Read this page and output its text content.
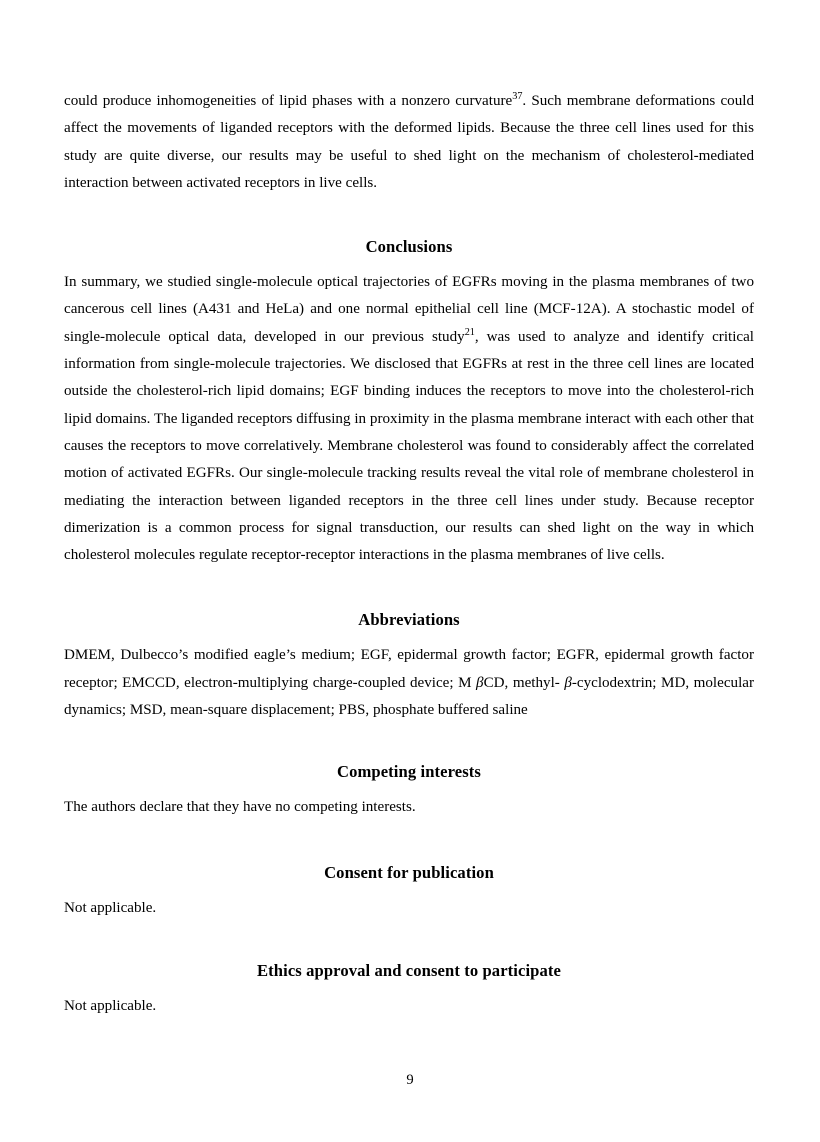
could produce inhomogeneities of lipid phases with a nonzero curvature$^{37}$. Such membrane deformations could affect the movements of liganded receptors with the deformed lipids. Because the three cell lines used for this study are quite diverse, our results may be useful to shed light on the mechanism of cholesterol-mediated interaction between activated receptors in live cells.

Conclusions

In summary, we studied single-molecule optical trajectories of EGFRs moving in the plasma membranes of two cancerous cell lines (A431 and HeLa) and one normal epithelial cell line (MCF-12A). A stochastic model of single-molecule optical data, developed in our previous study$^{21}$, was used to analyze and identify critical information from single-molecule trajectories. We disclosed that EGFRs at rest in the three cell lines are located outside the cholesterol-rich lipid domains; EGF binding induces the receptors to move into the cholesterol-rich lipid domains. The liganded receptors diffusing in proximity in the plasma membrane interact with each other that causes the receptors to move correlatively. Membrane cholesterol was found to considerably affect the correlated motion of activated EGFRs. Our single-molecule tracking results reveal the vital role of membrane cholesterol in mediating the interaction between liganded receptors in the three cell lines under study. Because receptor dimerization is a common process for signal transduction, our results can shed light on the way in which cholesterol molecules regulate receptor-receptor interactions in the plasma membranes of live cells.

Abbreviations

DMEM, Dulbecco’s modified eagle’s medium; EGF, epidermal growth factor; EGFR, epidermal growth factor receptor; EMCCD, electron-multiplying charge-coupled device; M βCD, methyl- β-cyclodextrin; MD, molecular dynamics; MSD, mean-square displacement; PBS, phosphate buffered saline

Competing interests

The authors declare that they have no competing interests.

Consent for publication

Not applicable.

Ethics approval and consent to participate

Not applicable.

9
